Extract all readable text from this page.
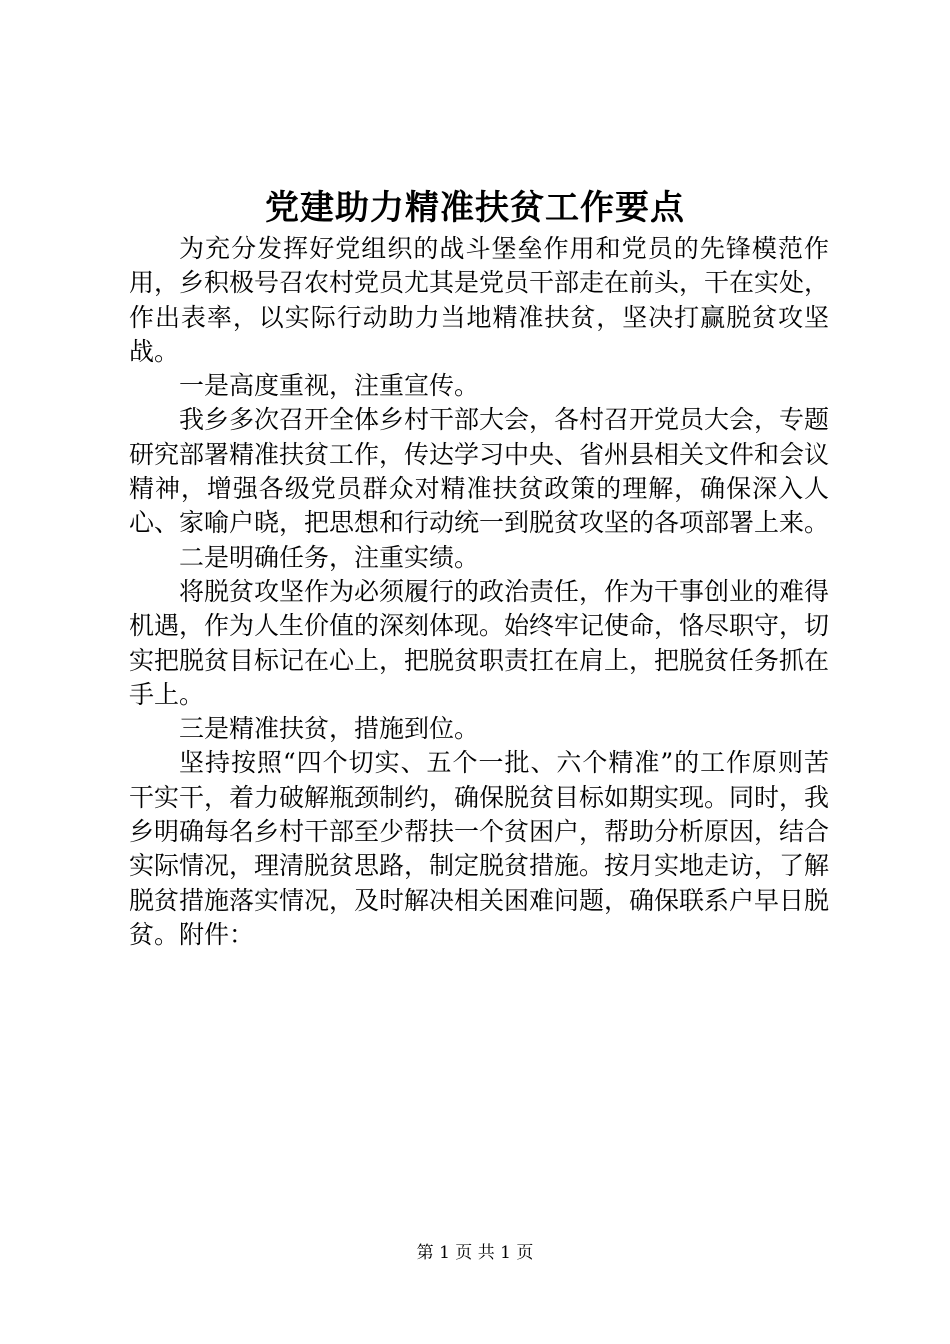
党建助力精准扶贫工作要点

为充分发挥好党组织的战斗堡垒作用和党员的先锋模范作用，乡积极号召农村党员尤其是党员干部走在前头，干在实处，作出表率，以实际行动助力当地精准扶贫，坚决打赢脱贫攻坚战。

一是高度重视，注重宣传。

我乡多次召开全体乡村干部大会，各村召开党员大会，专题研究部署精准扶贫工作，传达学习中央、省州县相关文件和会议精神，增强各级党员群众对精准扶贫政策的理解，确保深入人心、家喻户晓，把思想和行动统一到脱贫攻坚的各项部署上来。

二是明确任务，注重实绩。

将脱贫攻坚作为必须履行的政治责任，作为干事创业的难得机遇，作为人生价值的深刻体现。始终牢记使命，恪尽职守，切实把脱贫目标记在心上，把脱贫职责扛在肩上，把脱贫任务抓在手上。

三是精准扶贫，措施到位。

坚持按照“四个切实、五个一批、六个精准”的工作原则苦干实干，着力破解瓶颈制约，确保脱贫目标如期实现。同时，我乡明确每名乡村干部至少帮扶一个贫困户，帮助分析原因，结合实际情况，理清脱贫思路，制定脱贫措施。按月实地走访，了解脱贫措施落实情况，及时解决相关困难问题，确保联系户早日脱贫。附件：

第 1 页 共 1 页
